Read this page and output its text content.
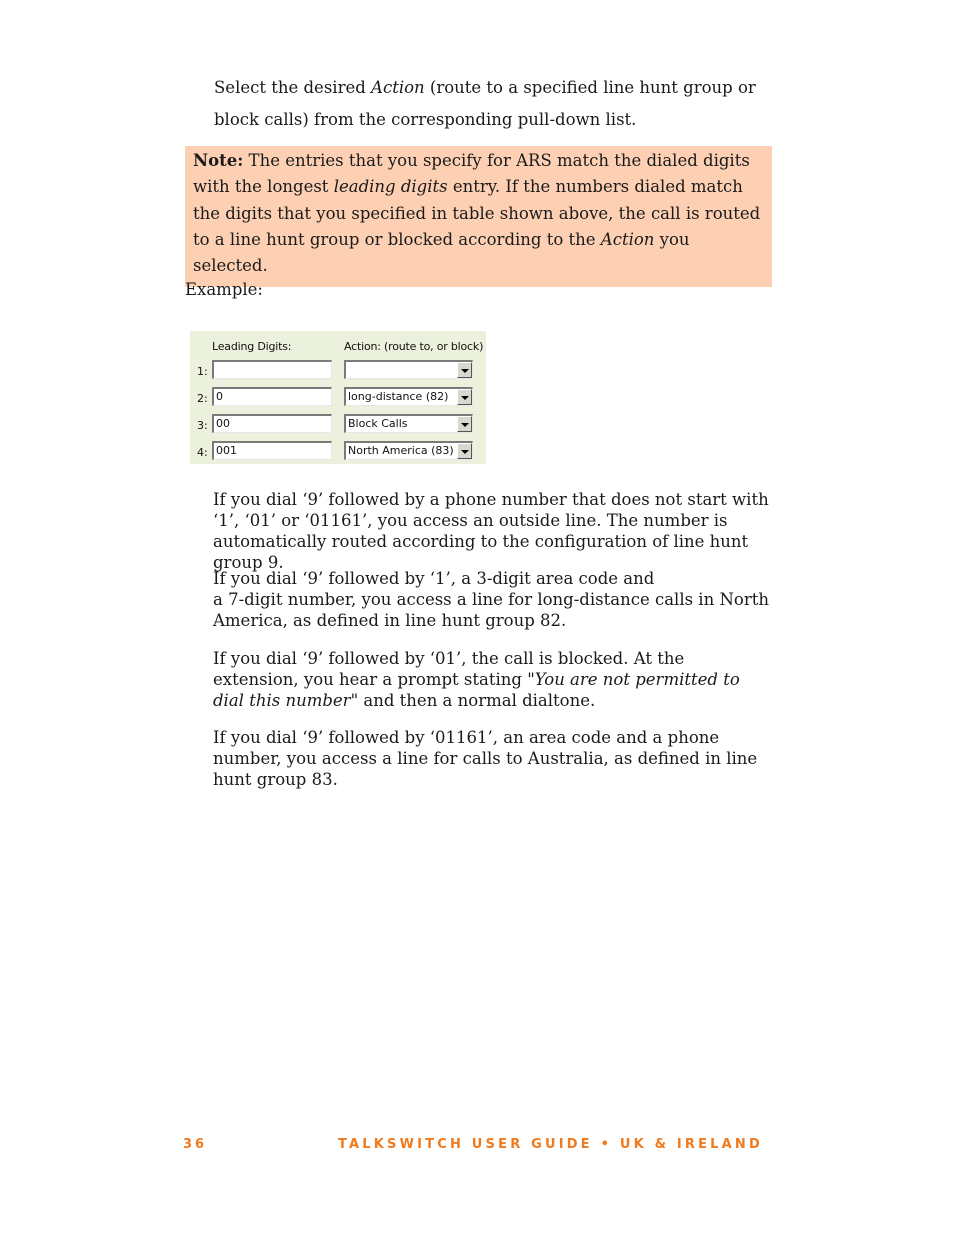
Select the desired Action (route to a specified line hunt group or block calls) from the corresponding pull-down list.

Note: The entries that you specify for ARS match the dialed digits with the longest leading digits entry. If the numbers dialed match the digits that you specified in table shown above, the call is routed to a line hunt group or blocked according to the Action you selected.

Example:

Leading Digits:	Action: (route to, or block)
1:
2: 0	long-distance (82)
3: 00	Block Calls
4: 001	North America (83)

If you dial ‘9’ followed by a phone number that does not start with ‘1’, ‘01’ or ‘01161’, you access an outside line. The number is automatically routed according to the configuration of line hunt group 9.

If you dial ‘9’ followed by ‘1’, a 3-digit area code and
a 7-digit number, you access a line for long-distance calls in North America, as defined in line hunt group 82.

If you dial ‘9’ followed by ‘01’, the call is blocked. At the extension, you hear a prompt stating "You are not permitted to dial this number" and then a normal dialtone.

If you dial ‘9’ followed by ‘01161’, an area code and a phone number, you access a line for calls to Australia, as defined in line hunt group 83.

36	TALKSWITCH USER GUIDE • UK & IRELAND
